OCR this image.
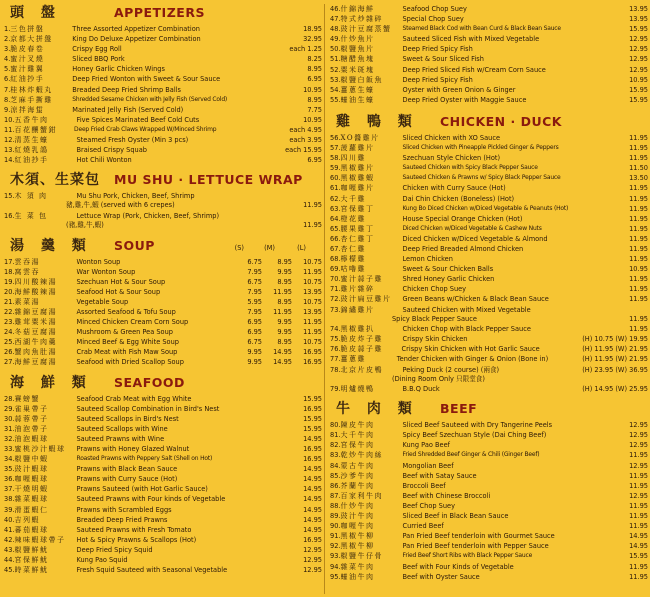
頭 盤	APPETIZERS
1. 三色拼盤	Three Assorted Appetizer Combination	18.95
2. 京都大拼盤	King Do Deluxe Appetizer Combination	32.95
3. 脆皮春卷	Crispy Egg Roll	each 1.25
4. 蜜汁叉燒	Sliced BBQ Pork	8.25
5. 蜜汁雞翼	Honey Garlic Chicken Wings	8.95
6. 紅油抄手	Deep Fried Wonton with Sweet & Sour Sauce	6.95
7. 桂林炸蝦丸	Breaded Deep Fried Shrimp Balls	10.95
8. 芝麻手撕雞	Shredded Sesame Chicken with Jelly Fish (Served Cold)	8.95
9. 涼拌海蜇	Marinated Jelly Fish (Served Cold)	7.75
10. 五香牛肉	Five Spices Marinated Beef Cold Cuts	10.95
11. 百花釀蟹鉗	Deep Fried Crab Claws Wrapped W/Minced Shrimp	each 4.95
12. 清蒸生蠔	Steamed Fresh Oyster (Min 3 pcs)	each 3.95
13. 紅燒乳鴿	Braised Crispy Squab	each 15.95
14. 紅油抄手	Hot Chili Wonton	6.95
木須、生菜包	MU SHU · LETTUCE WRAP
15. 木 須 肉	Mu Shu Pork, Chicken, Beef, Shrimp
豬,雞,牛,蝦 (served with 6 crepes)	11.95
16. 生 菜 包	Lettuce Wrap (Pork, Chicken, Beef, Shrimp)
(豬,雞,牛,蝦)	11.95
湯 羹 類	SOUP	(S)	(M)	(L)
17. 雲吞湯	Wonton Soup	6.75	8.95	10.75
18. 窩雲吞	War Wonton Soup	7.95	9.95	11.95
19. 四川酸辣湯	Szechuan Hot & Sour Soup	6.75	8.95	10.75
20. 海鮮酸辣湯	Seafood Hot & Sour Soup	7.95	11.95	13.95
21. 素菜湯	Vegetable Soup	5.95	8.95	10.75
22. 雜錦豆腐湯	Assorted Seafood & Tofu Soup	7.95	11.95	13.95
23. 雞茸粟米湯	Minced Chicken Cream Corn Soup	6.95	9.95	11.95
24. 冬菇豆腐湯	Mushroom & Green Pea Soup	6.95	9.95	11.95
25. 西湖牛肉羹	Minced Beef & Egg White Soup	6.75	8.95	10.75
26. 蟹肉魚肚湯	Crab Meat with Fish Maw Soup	9.95	14.95	16.95
27. 海鮮豆腐湯	Seafood with Dried Scallop Soup	9.95	14.95	16.95
海 鮮 類	SEAFOOD
28. 賽螃蟹	Seafood Crab Meat with Egg White	15.95
29. 雀巢帶子	Sauteed Scallop Combination in Bird's Nest	16.95
30. 蒜蓉帶子	Sauteed Scallops in Bird's Nest	15.95
31. 油泡帶子	Sauteed Scallops with Wine	15.95
32. 油泡蝦球	Sauteed Prawns with Wine	14.95
33. 蜜桃沙汁蝦球	Prawns with Honey Glazed Walnut	16.95
34. 椒鹽中蝦	Roasted Prawns with Peppery Salt (Shell on Hot)	16.95
35. 豉汁蝦球	Prawns with Black Bean Sauce	14.95
36. 咖喱蝦球	Prawns with Curry Sauce (Hot)	14.95
37. 干燒明蝦	Prawns Sauteed (with Hot Garlic Sauce)	14.95
38. 雜菜蝦球	Sauteed Prawns with Four kinds of Vegetable	14.95
39. 滑蛋蝦仁	Prawns with Scrambled Eggs	14.95
40. 吉列蝦	Breaded Deep Fried Prawns	14.95
41. 蕃茄蝦球	Sauteed Prawns with Fresh Tomato	14.95
42. 辣味蝦球帶子	Hot & Spicy Prawns & Scallops (Hot)	16.95
43. 椒鹽鮮魷	Deep Fried Spicy Squid	12.95
44. 宮保鮮魷	Kung Pao Squid	12.95
45. 時菜鮮魷	Fresh Squid Sauteed with Seasonal Vegetable	12.95
46. 什錦海鮮	Seafood Chop Suey	13.95
47. 特式炒雜碎	Special Chop Suey	13.95
48. 豉汁豆腐蒸蟹	Steamed Black Cod with Bean Curd & Black Bean Sauce	15.95
49. 什炒魚片	Sauteed Sliced Fish with Mixed Vegetable	12.95
50. 椒鹽魚片	Deep Fried Spicy Fish	12.95
51. 糖醋魚塊	Sweet & Sour Sliced Fish	12.95
52. 粟米斑塊	Deep Fried Sliced Fish w/Cream Corn Sauce	12.95
53. 椒鹽白飯魚	Deep Fried Spicy Fish	10.95
54. 薑蔥生蠔	Oyster with Green Onion & Ginger	15.95
55. 蠔油生蠔	Deep Fried Oyster with Maggie Sauce	15.95
雞 鴨 類	CHICKEN · DUCK
56. XO醬雞片	Sliced Chicken with XO Sauce	11.95
57. 菠蘿雞片	Sliced Chicken with Pineapple Pickled Ginger & Peppers	11.95
58. 四川雞	Szechuan Style Chicken (Hot)	11.95
59. 黑椒雞片	Sauteed Chicken with Spicy Black Pepper Sauce	11.50
60. 黑椒雞蝦	Sauteed Chicken & Prawns w/ Spicy Black Pepper Sauce	13.50
61. 咖喱雞片	Chicken with Curry Sauce (Hot)	11.95
62. 大千雞	Dai Chin Chicken (Boneless) (Hot)	11.95
63. 宮保雞丁	Kung Bo Diced Chicken w/Diced Vegetable & Peanuts (Hot)	11.95
64. 橙花雞	House Special Orange Chicken (Hot)	11.95
65. 腰果雞丁	Diced Chicken w/Diced Vegetable & Cashew Nuts	11.95
66. 杏仁雞丁	Diced Chicken w/Diced Vegetable & Almond	11.95
67. 杏仁雞	Deep Fried Breaded Almond Chicken	11.95
68. 檸檬雞	Lemon Chicken	11.95
69. 咕嚕雞	Sweet & Sour Chicken Balls	10.95
70. 蜜汁蒜子雞	Shred Honey Garlic Chicken	11.95
71. 雞片雜碎	Chicken Chop Suey	11.95
72. 豉汁扁豆雞片	Green Beans w/Chicken & Black Bean Sauce	11.95
73. 錦繡雞片	Sauteed Chicken with Mixed Vegetable
Spicy Black Pepper Sauce	11.95
74. 黑椒雞扒	Chicken Chop with Black Pepper Sauce	11.95
75. 脆皮炸子雞	Crispy Skin Chicken	(H) 10.75 (W) 19.95
76. 脆皮蒜子雞	Crispy Skin Chicken with Hot Garlic Sauce	(H) 11.95 (W) 21.95
77. 薑蔥雞	Tender Chicken with Ginger & Onion (Bone in)	(H) 11.95 (W) 21.95
78. 北京片皮鴨	Peking Duck (2 course) (兩食)	(H) 23.95 (W) 36.95
(Dining Room Only 只限堂食)
79. 明爐燒鴨	B.B.Q Duck	(H) 14.95 (W) 25.95
牛 肉 類	BEEF
80. 陳皮牛肉	Sliced Beef Sauteed with Dry Tangerine Peels	12.95
81. 大千牛肉	Spicy Beef Szechuan Style (Dai Ching Beef)	12.95
82. 宮保牛肉	Kung Pao Beef	12.95
83. 乾炒牛肉絲	Fried Shredded Beef Ginger & Chili (Ginger Beef)	11.95
84. 蒙古牛肉	Mongolian Beef	12.95
85. 沙爹牛肉	Beef with Satay Sauce	11.95
86. 芥蘭牛肉	Broccoli Beef	11.95
87. 百家利牛肉	Beef with Chinese Broccoli	12.95
88. 什炒牛肉	Beef Chop Suey	11.95
89. 豉汁牛肉	Sliced Beef in Black Bean Sauce	11.95
90. 咖喱牛肉	Curried Beef	11.95
91. 黑椒牛柳	Pan Fried Beef tenderloin with Gourmet Sauce	14.95
92. 黑椒牛柳	Pan Fried Beef tenderloin with Pepper Sauce	14.95
93. 椒鹽牛仔骨	Fried Beef Short Ribs with Black Pepper Sauce	15.95
94. 雜菜牛肉	Beef with Four Kinds of Vegetable	11.95
95. 蠔油牛肉	Beef with Oyster Sauce	11.95
